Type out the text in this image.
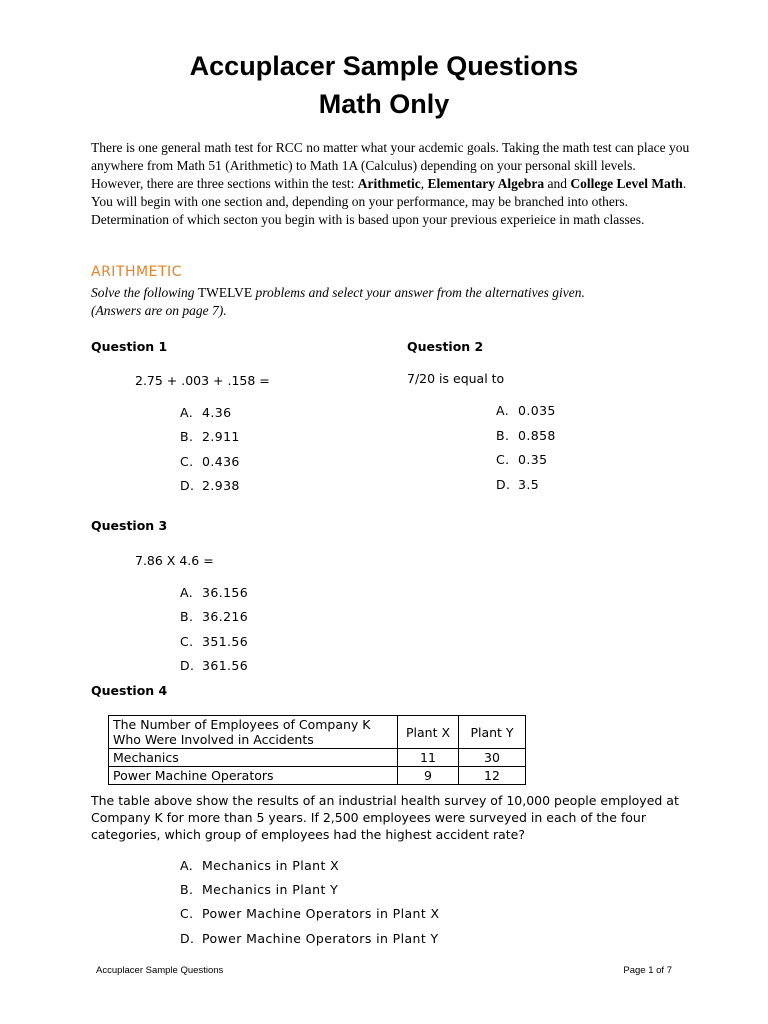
Accuplacer Sample Questions
Math Only
There is one general math test for RCC no matter what your acdemic goals. Taking the math test can place you anywhere from Math 51 (Arithmetic) to Math 1A (Calculus) depending on your personal skill levels. However, there are three sections within the test: Arithmetic, Elementary Algebra and College Level Math. You will begin with one section and, depending on your performance, may be branched into others. Determination of which secton you begin with is based upon your previous experieice in math classes.
ARITHMETIC
Solve the following TWELVE problems and select your answer from the alternatives given.
(Answers are on page 7).
Question 1
2.75 + .003 + .158 =
A. 4.36
B. 2.911
C. 0.436
D. 2.938
Question 2
7/20 is equal to
A. 0.035
B. 0.858
C. 0.35
D. 3.5
Question 3
7.86 X 4.6 =
A. 36.156
B. 36.216
C. 351.56
D. 361.56
Question 4
The Number of Employees of Company K Who Were Involved in Accidents	Plant X	Plant Y
Mechanics	11	30
Power Machine Operators	9	12
The table above show the results of an industrial health survey of 10,000 people employed at Company K for more than 5 years. If 2,500 employees were surveyed in each of the four categories, which group of employees had the highest accident rate?
A. Mechanics in Plant X
B. Mechanics in Plant Y
C. Power Machine Operators in Plant X
D. Power Machine Operators in Plant Y
Accuplacer Sample Questions	Page 1 of 7
